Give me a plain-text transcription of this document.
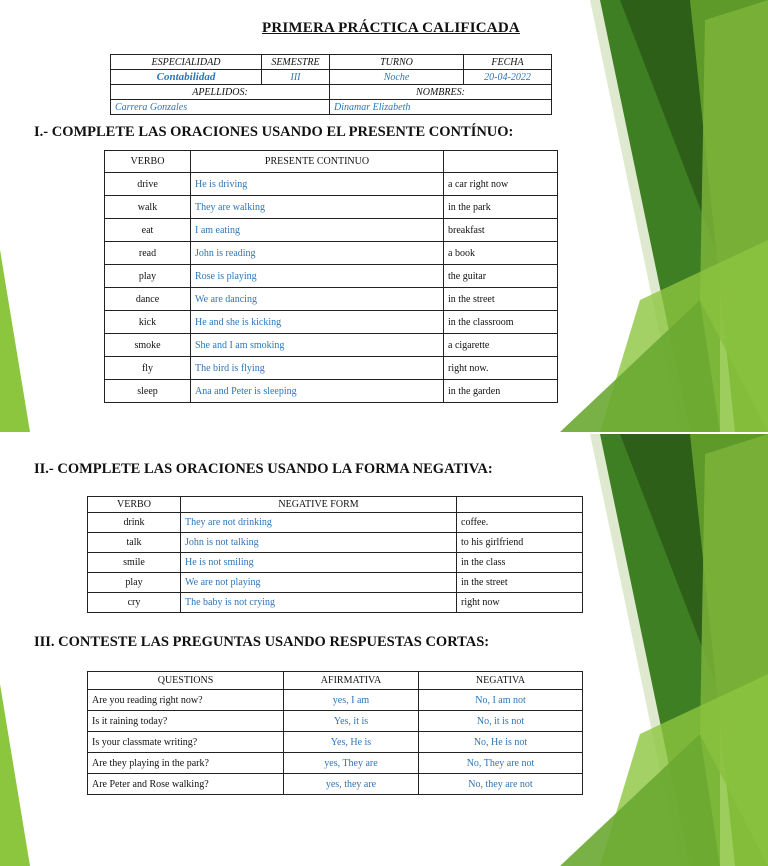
PRIMERA PRÁCTICA CALIFICADA
ESPECIALIDAD	SEMESTRE	TURNO	FECHA
Contabilidad	III	Noche	20-04-2022
APELLIDOS:		NOMBRES:	
Carrera Gonzales		Dinamar Elizabeth	

I.- COMPLETE LAS ORACIONES USANDO EL PRESENTE CONTÍNUO:

VERBO	PRESENTE CONTINUO	
drive	He is driving	a car right now
walk	They are walking	in the park
eat	I am eating	breakfast
read	John is reading	a book
play	Rose is playing	the guitar
dance	We are dancing	in the street
kick	He and she is kicking	in the classroom
smoke	She and I am smoking	a cigarette
fly	The bird is flying	right now.
sleep	Ana and Peter is sleeping	in the garden

II.- COMPLETE LAS ORACIONES USANDO LA FORMA NEGATIVA:

VERBO	NEGATIVE FORM	
drink	They are not drinking	coffee.
talk	John is not talking	to his girlfriend
smile	He is not smiling	in the class
play	We are not playing	in the street
cry	The baby is not crying	right now

III. CONTESTE LAS PREGUNTAS USANDO RESPUESTAS CORTAS:

QUESTIONS	AFIRMATIVA	NEGATIVA
Are you reading right now?	yes, I am	No, I am not
Is it raining today?	Yes, it is	No, it is not
Is your classmate writing?	Yes, He is	No, He is not
Are they playing in the park?	yes, They are	No, They are not
Are Peter and Rose walking?	yes, they are	No, they are not
